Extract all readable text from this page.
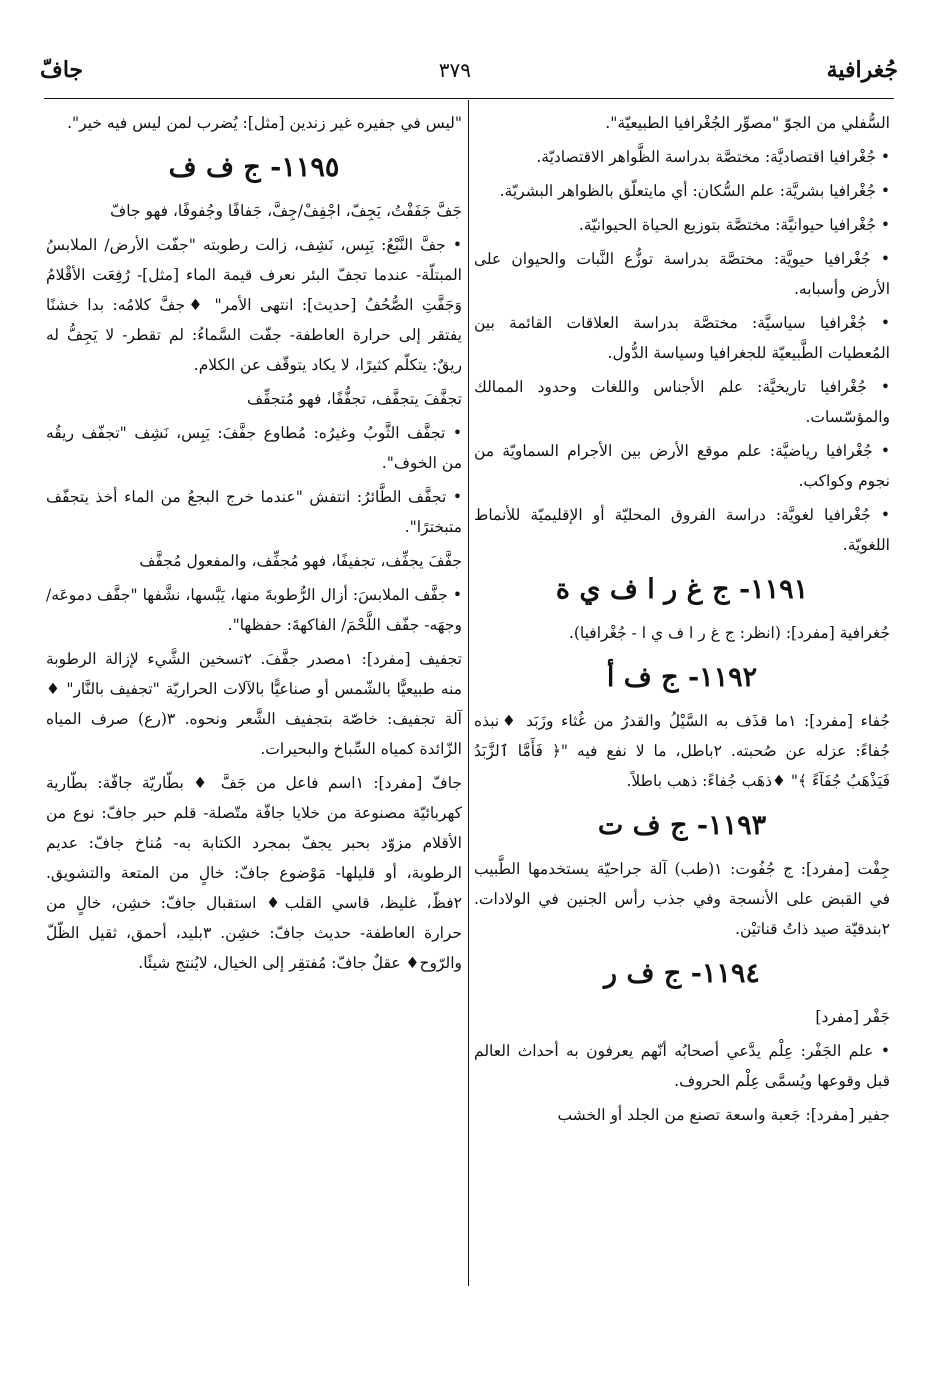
جُغرافية
٣٧٩
جافّ

السُّفلي من الجوّ "مصوِّر الجُغْرافيا الطبيعيّة".

• جُغْرافيا اقتصاديَّة: مختصَّة بدراسة الظَّواهر الاقتصاديّة.

• جُغْرافيا بشريَّة: علم السُّكان: أي مايتعلّق بالظواهر البشريّة.

• جُغْرافيا حيوانيَّة: مختصَّة بتوزيع الحياة الحيوانيّة.

• جُغْرافيا حيويَّة: مختصَّة بدراسة توزُّع النَّبات والحيوان على الأرض وأسبابه.

• جُغْرافيا سياسيَّة: مختصَّة بدراسة العلاقات القائمة بين المُعطيات الطَّبيعيّة للجغرافيا وسياسة الدُّول.

• جُغْرافيا تاريخيَّة: علم الأجناس واللغات وحدود الممالك والمؤسّسات.

• جُغْرافيا رياضيَّة: علم موقع الأرض بين الأجرام السماويّة من نجوم وكواكب.

• جُغْرافيا لغويَّة: دراسة الفروق المحليّة أو الإقليميّة للأنماط اللغويّة.

١١٩١- ج غ ر ا ف ي ة

جُغرافية [مفرد]: (انظر: ج غ ر ا ف ي ا - جُغْرافيا).

١١٩٢- ج ف أ

جُفاء [مفرد]: ١ما قذَف به السَّيْلُ والقدرُ من غُثاء وزَبَد ♦نبذه جُفاءً: عزله عن صُحبته. ٢باطل، ما لا نفع فيه "﴿ فَأَمَّا ٱلزَّبَدُ فَيَذْهَبُ جُفَآءً ﴾" ♦ذهَب جُفاءً: ذهب باطلاً.

١١٩٣- ج ف ت

جِفْت [مفرد]: ج جُفُوت: ١(طب) آلة جراحيّة يستخدمها الطَّبيب في القبض على الأنسجة وفي جذب رأس الجنين في الولادات. ٢بندقيّة صيد ذاتُ قناتيْن.

١١٩٤- ج ف ر

جَفْر [مفرد]

• علم الجَفْر: عِلْم يدَّعي أصحابُه أنّهم يعرفون به أحداث العالم قبل وقوعها ويُسمَّى عِلْم الحروف.

جفير [مفرد]: جَعبة واسعة تصنع من الجلد أو الخشب

"ليس في جفيره غير زندين [مثل]: يُضرب لمن ليس فيه خير".

١١٩٥- ج ف ف

جَفَّ جَفَفْتُ، يَجِفّ، اجْفِفْ/جِفَّ، جَفافًا وجُفوفًا، فهو جافّ

• جفَّ النَّبْعُ: يَبِس، نَشِف، زالت رطوبته "جفّت الأرض/ الملابسُ المبتلّة- عندما تجفّ البئر نعرف قيمة الماء [مثل]- رُفِعَت الأقْلامُ وَجَفَّتِ الصُّحُفُ [حديث]: انتهى الأمر" ♦جفَّ كلامُه: بدا خشنًا يفتقر إلى حرارة العاطفة- جفّت السَّماءُ: لم تقطر- لا يَجِفُّ له ريقٌ: يتكلّم كثيرًا، لا يكاد يتوقّف عن الكلام.

تجفَّفَ يتجفَّف، تجفُّفًا، فهو مُتجفِّف

• تجفَّف الثَّوبُ وغيرُه: مُطاوع جفَّفَ: يَبِس، نَشِف "تجفّف ريقُه من الخوف".

• تجفَّف الطَّائرُ: انتفش "عندما خرج البجعُ من الماء أخذ يتجفّف متبخترًا".

جفَّفَ يجفِّف، تجفيفًا، فهو مُجفِّف، والمفعول مُجفَّف

• جفَّف الملابسَ: أزال الرُّطوبةَ منها، يَبَّسها، نشَّفها "جفَّف دموعَه/ وجهَه- جفّف اللَّحْمَ/ الفاكهةَ: حفظها".

تجفيف [مفرد]: ١مصدر جفَّفَ. ٢تسخين الشَّيء لإزالة الرطوبة منه طبيعيًّا بالشّمس أو صناعيًّا بالآلات الحراريّة "تجفيف بالنَّار" ♦ آلة تجفيف: خاصّة بتجفيف الشَّعر ونحوه. ٣(رع) صرف المياه الزّائدة كمياه السِّباخ والبحيرات.

جافّ [مفرد]: ١اسم فاعل من جَفَّ ♦ بطّاريّة جافّة: بطّارية كهربائيّة مصنوعة من خلايا جافّة متّصلة- قلم حبر جافّ: نوع من الأقلام مزوّد بحبر يجفّ بمجرد الكتابة به- مُناخ جافّ: عديم الرطوبة، أو قليلها- مَوْضوع جافّ: خالٍ من المتعة والتشويق. ٢فظّ، غليظ، قاسي القلب♦ استقبال جافّ: خشِن، خالٍ من حرارة العاطفة- حديث جافّ: خشِن. ٣بليد، أحمق، ثقيل الظّلّ والرّوح♦ عقلٌ جافّ: مُفتقِر إلى الخيال، لايُنتج شيئًا.
